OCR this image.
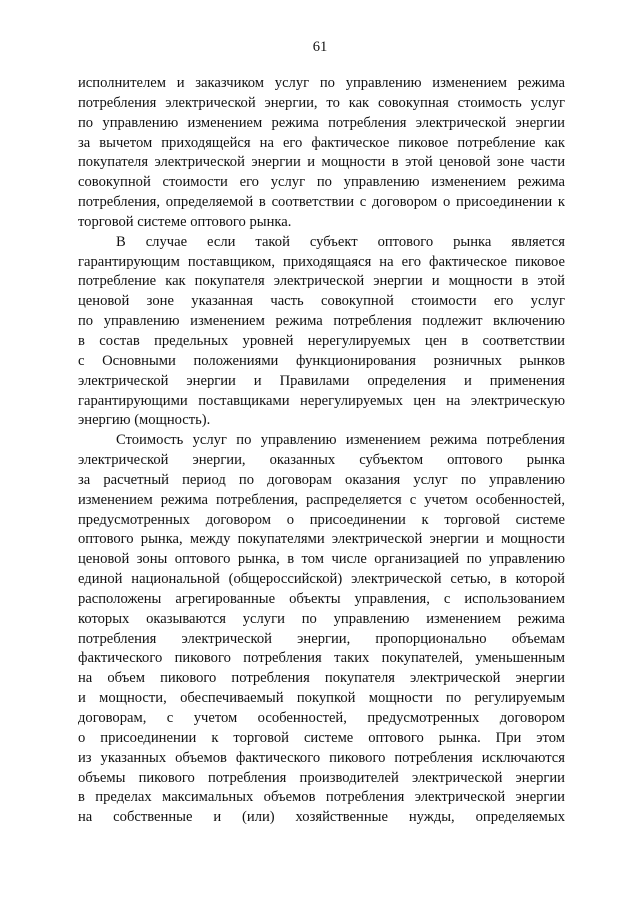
61
исполнителем и заказчиком услуг по управлению изменением режима
потребления электрической энергии, то как совокупная стоимость услуг
по управлению изменением режима потребления электрической энергии
за вычетом приходящейся на его фактическое пиковое потребление как
покупателя электрической энергии и мощности в этой ценовой зоне части
совокупной стоимости его услуг по управлению изменением режима
потребления, определяемой в соответствии с договором о присоединении к
торговой системе оптового рынка.
В случае если такой субъект оптового рынка является
гарантирующим поставщиком, приходящаяся на его фактическое пиковое
потребление как покупателя электрической энергии и мощности в этой
ценовой зоне указанная часть совокупной стоимости его услуг
по управлению изменением режима потребления подлежит включению
в состав предельных уровней нерегулируемых цен в соответствии
с Основными положениями функционирования розничных рынков
электрической энергии и Правилами определения и применения
гарантирующими поставщиками нерегулируемых цен на электрическую
энергию (мощность).
Стоимость услуг по управлению изменением режима потребления
электрической энергии, оказанных субъектом оптового рынка
за расчетный период по договорам оказания услуг по управлению
изменением режима потребления, распределяется с учетом особенностей,
предусмотренных договором о присоединении к торговой системе
оптового рынка, между покупателями электрической энергии и мощности
ценовой зоны оптового рынка, в том числе организацией по управлению
единой национальной (общероссийской) электрической сетью, в которой
расположены агрегированные объекты управления, с использованием
которых оказываются услуги по управлению изменением режима
потребления электрической энергии, пропорционально объемам
фактического пикового потребления таких покупателей, уменьшенным
на объем пикового потребления покупателя электрической энергии
и мощности, обеспечиваемый покупкой мощности по регулируемым
договорам, с учетом особенностей, предусмотренных договором
о присоединении к торговой системе оптового рынка. При этом
из указанных объемов фактического пикового потребления исключаются
объемы пикового потребления производителей электрической энергии
в пределах максимальных объемов потребления электрической энергии
на собственные и (или) хозяйственные нужды, определяемых
